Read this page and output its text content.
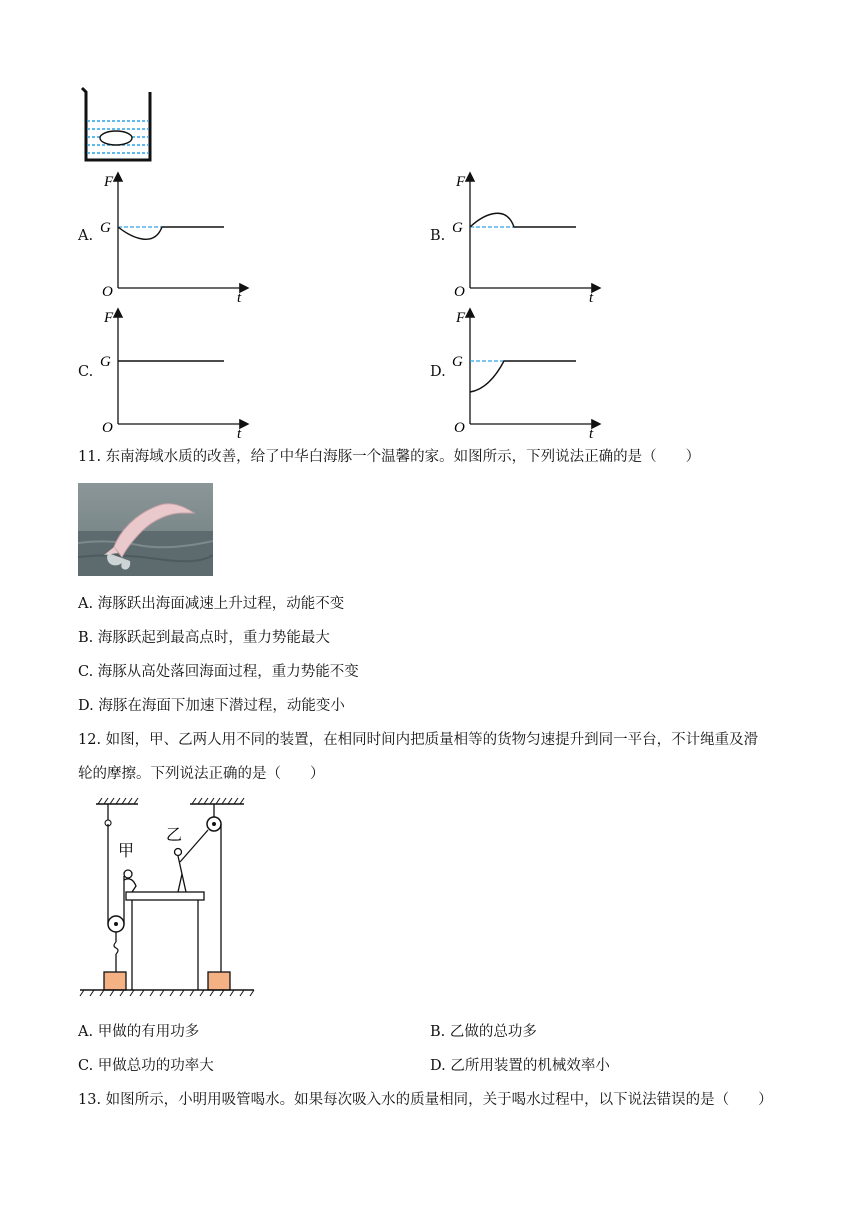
A.
F
G
O	t
B.
F
G
O	t
C.
F
G
O	t
D.
F
G
O	t
11. 东南海域水质的改善，给了中华白海豚一个温馨的家。如图所示，下列说法正确的是（　　）
A. 海豚跃出海面减速上升过程，动能不变
B. 海豚跃起到最高点时，重力势能最大
C. 海豚从高处落回海面过程，重力势能不变
D. 海豚在海面下加速下潜过程，动能变小
12. 如图，甲、乙两人用不同的装置，在相同时间内把质量相等的货物匀速提升到同一平台，不计绳重及滑
轮的摩擦。下列说法正确的是（　　）
甲
乙
A. 甲做的有用功多	B. 乙做的总功多
C. 甲做总功的功率大	D. 乙所用装置的机械效率小
13. 如图所示，小明用吸管喝水。如果每次吸入水的质量相同，关于喝水过程中，以下说法错误的是（　　）
